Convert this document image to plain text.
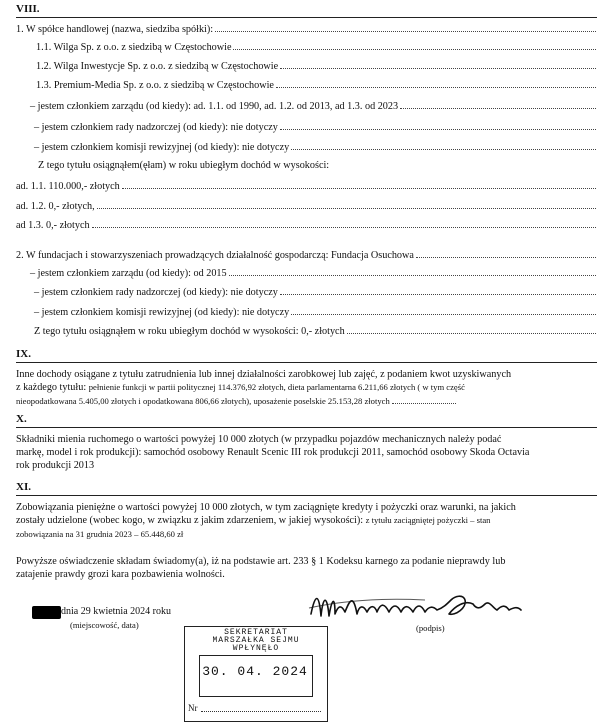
VIII.
1. W spółce handlowej (nazwa, siedziba spółki):
1.1. Wilga Sp. z o.o. z siedzibą w Częstochowie
1.2. Wilga Inwestycje Sp. z o.o. z siedzibą w Częstochowie
1.3. Premium-Media Sp. z o.o. z siedzibą w Częstochowie
– jestem członkiem zarządu (od kiedy): ad. 1.1. od 1990, ad. 1.2. od 2013, ad 1.3. od 2023
– jestem członkiem rady nadzorczej (od kiedy): nie dotyczy
– jestem członkiem komisji rewizyjnej (od kiedy): nie dotyczy
Z tego tytułu osiągnąłem(ęłam) w roku ubiegłym dochód w wysokości:
ad. 1.1. 110.000,- złotych
ad. 1.2. 0,- złotych,
ad 1.3. 0,- złotych
2. W fundacjach i stowarzyszeniach prowadzących działalność gospodarczą: Fundacja Osuchowa
– jestem członkiem zarządu (od kiedy): od 2015
– jestem członkiem rady nadzorczej (od kiedy): nie dotyczy
– jestem członkiem komisji rewizyjnej (od kiedy): nie dotyczy
Z tego tytułu osiągnąłem w roku ubiegłym dochód w wysokości: 0,- złotych
IX.
Inne dochody osiągane z tytułu zatrudnienia lub innej działalności zarobkowej lub zajęć, z podaniem kwot uzyskiwanych
z każdego tytułu: pełnienie funkcji w partii politycznej 114.376,92 złotych, dieta parlamentarna 6.211,66 złotych ( w tym część
nieopodatkowana 5.405,00 złotych i opodatkowana 806,66 złotych), uposażenie poselskie 25.153,28 złotych
X.
Składniki mienia ruchomego o wartości powyżej 10 000 złotych (w przypadku pojazdów mechanicznych należy podać
markę, model i rok produkcji): samochód osobowy Renault Scenic III rok produkcji 2011, samochód osobowy Skoda Octavia
rok produkcji 2013
XI.
Zobowiązania pieniężne o wartości powyżej 10 000 złotych, w tym zaciągnięte kredyty i pożyczki oraz warunki, na jakich
zostały udzielone (wobec kogo, w związku z jakim zdarzeniem, w jakiej wysokości): z tytułu zaciągniętej pożyczki – stan
zobowiązania na 31 grudnia 2023 – 65.448,60 zł
Powyższe oświadczenie składam świadomy(a), iż na podstawie art. 233 § 1 Kodeksu karnego za podanie nieprawdy lub
zatajenie prawdy grozi kara pozbawienia wolności.
dnia 29 kwietnia 2024 roku
(miejscowość, data)	(podpis)
SEKRETARIAT
MARSZAŁKA SEJMU
WPŁYNĘŁO
30. 04. 2024
Nr
